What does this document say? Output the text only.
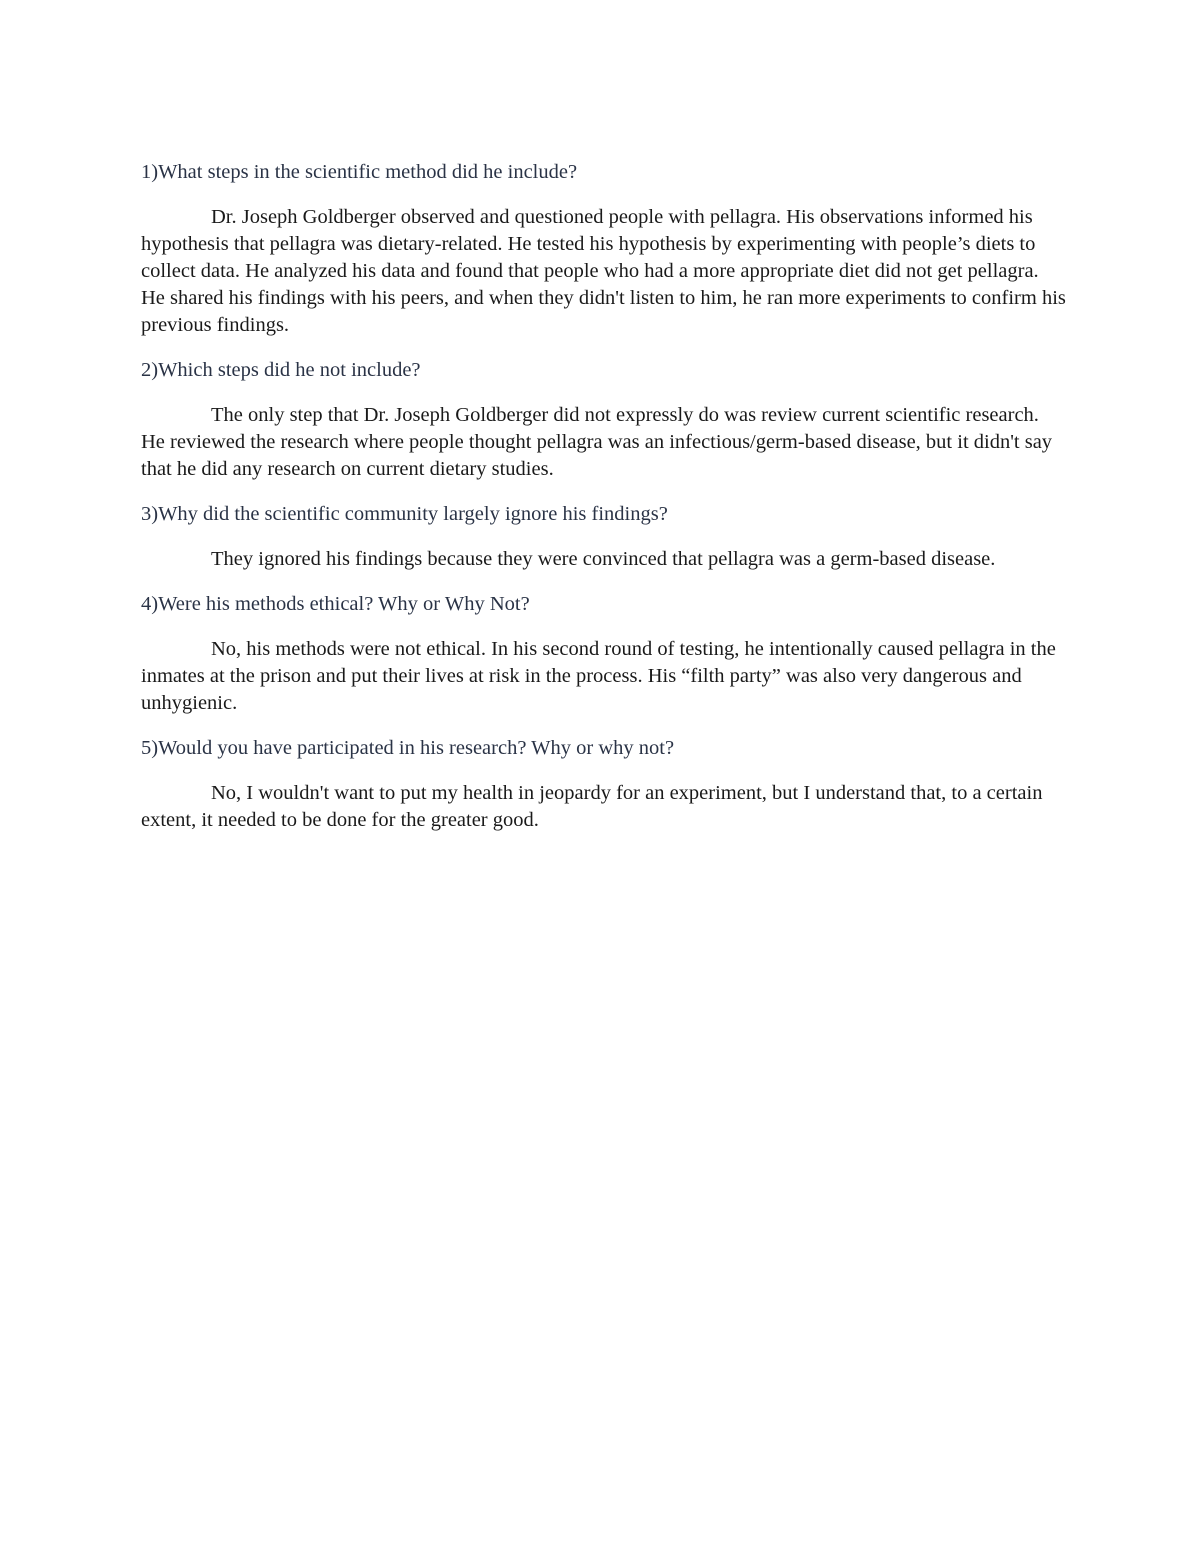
1)What steps in the scientific method did he include?

Dr. Joseph Goldberger observed and questioned people with pellagra. His observations informed his hypothesis that pellagra was dietary-related. He tested his hypothesis by experimenting with people’s diets to collect data. He analyzed his data and found that people who had a more appropriate diet did not get pellagra. He shared his findings with his peers, and when they didn't listen to him, he ran more experiments to confirm his previous findings.

2)Which steps did he not include?

The only step that Dr. Joseph Goldberger did not expressly do was review current scientific research. He reviewed the research where people thought pellagra was an infectious/germ-based disease, but it didn't say that he did any research on current dietary studies.

3)Why did the scientific community largely ignore his findings?

They ignored his findings because they were convinced that pellagra was a germ-based disease.

4)Were his methods ethical? Why or Why Not?

No, his methods were not ethical. In his second round of testing, he intentionally caused pellagra in the inmates at the prison and put their lives at risk in the process. His “filth party” was also very dangerous and unhygienic.

5)Would you have participated in his research? Why or why not?

No, I wouldn't want to put my health in jeopardy for an experiment, but I understand that, to a certain extent, it needed to be done for the greater good.
